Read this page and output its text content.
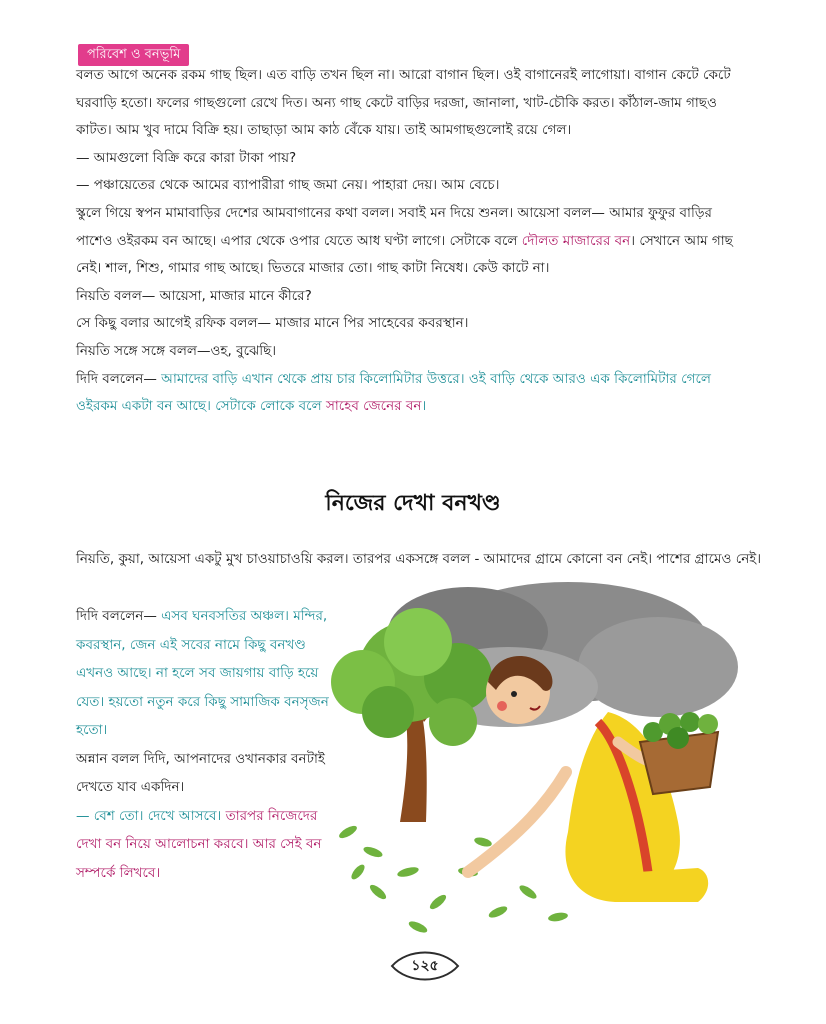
পরিবেশ ও বনভূমি

বলত আগে অনেক রকম গাছ ছিল। এত বাড়ি তখন ছিল না। আরো বাগান ছিল। ওই বাগানেরই লাগোয়া। বাগান কেটে কেটে ঘরবাড়ি হতো। ফলের গাছগুলো রেখে দিত। অন্য গাছ কেটে বাড়ির দরজা, জানালা, খাট-চৌকি করত। কাঁঠাল-জাম গাছও কাটত। আম খুব দামে বিক্রি হয়। তাছাড়া আম কাঠ বেঁকে যায়। তাই আমগাছগুলোই রয়ে গেল।

— আমগুলো বিক্রি করে কারা টাকা পায়?

— পঞ্চায়েতের থেকে আমের ব্যাপারীরা গাছ জমা নেয়। পাহারা দেয়। আম বেচে।

স্কুলে গিয়ে স্বপন মামাবাড়ির দেশের আমবাগানের কথা বলল। সবাই মন দিয়ে শুনল। আয়েসা বলল— আমার ফুফুর বাড়ির পাশেও ওইরকম বন আছে। এপার থেকে ওপার যেতে আধ ঘণ্টা লাগে। সেটাকে বলে দৌলত মাজারের বন। সেখানে আম গাছ নেই। শাল, শিশু, গামার গাছ আছে। ভিতরে মাজার তো। গাছ কাটা নিষেধ। কেউ কাটে না।

নিয়তি বলল— আয়েসা, মাজার মানে কীরে?

সে কিছু বলার আগেই রফিক বলল— মাজার মানে পির সাহেবের কবরস্থান।

নিয়তি সঙ্গে সঙ্গে বলল—ওহ, বুঝেছি।

দিদি বললেন— আমাদের বাড়ি এখান থেকে প্রায় চার কিলোমিটার উত্তরে। ওই বাড়ি থেকে আরও এক কিলোমিটার গেলে ওইরকম একটা বন আছে। সেটাকে লোকে বলে সাহেব জেনের বন।

নিজের দেখা বনখণ্ড

নিয়তি, কুয়া, আয়েসা একটু মুখ চাওয়াচাওয়ি করল। তারপর একসঙ্গে বলল - আমাদের গ্রামে কোনো বন নেই। পাশের গ্রামেও নেই।

দিদি বললেন— এসব ঘনবসতির অঞ্চল। মন্দির, কবরস্থান, জেন এই সবের নামে কিছু বনখণ্ড এখনও আছে। না হলে সব জায়গায় বাড়ি হয়ে যেত। হয়তো নতুন করে কিছু সামাজিক বনসৃজন হতো।

অন্নান বলল দিদি, আপনাদের ওখানকার বনটাই দেখতে যাব একদিন।

— বেশ তো। দেখে আসবে। তারপর নিজেদের দেখা বন নিয়ে আলোচনা করবে। আর সেই বন সম্পর্কে লিখবে।

১২৫
